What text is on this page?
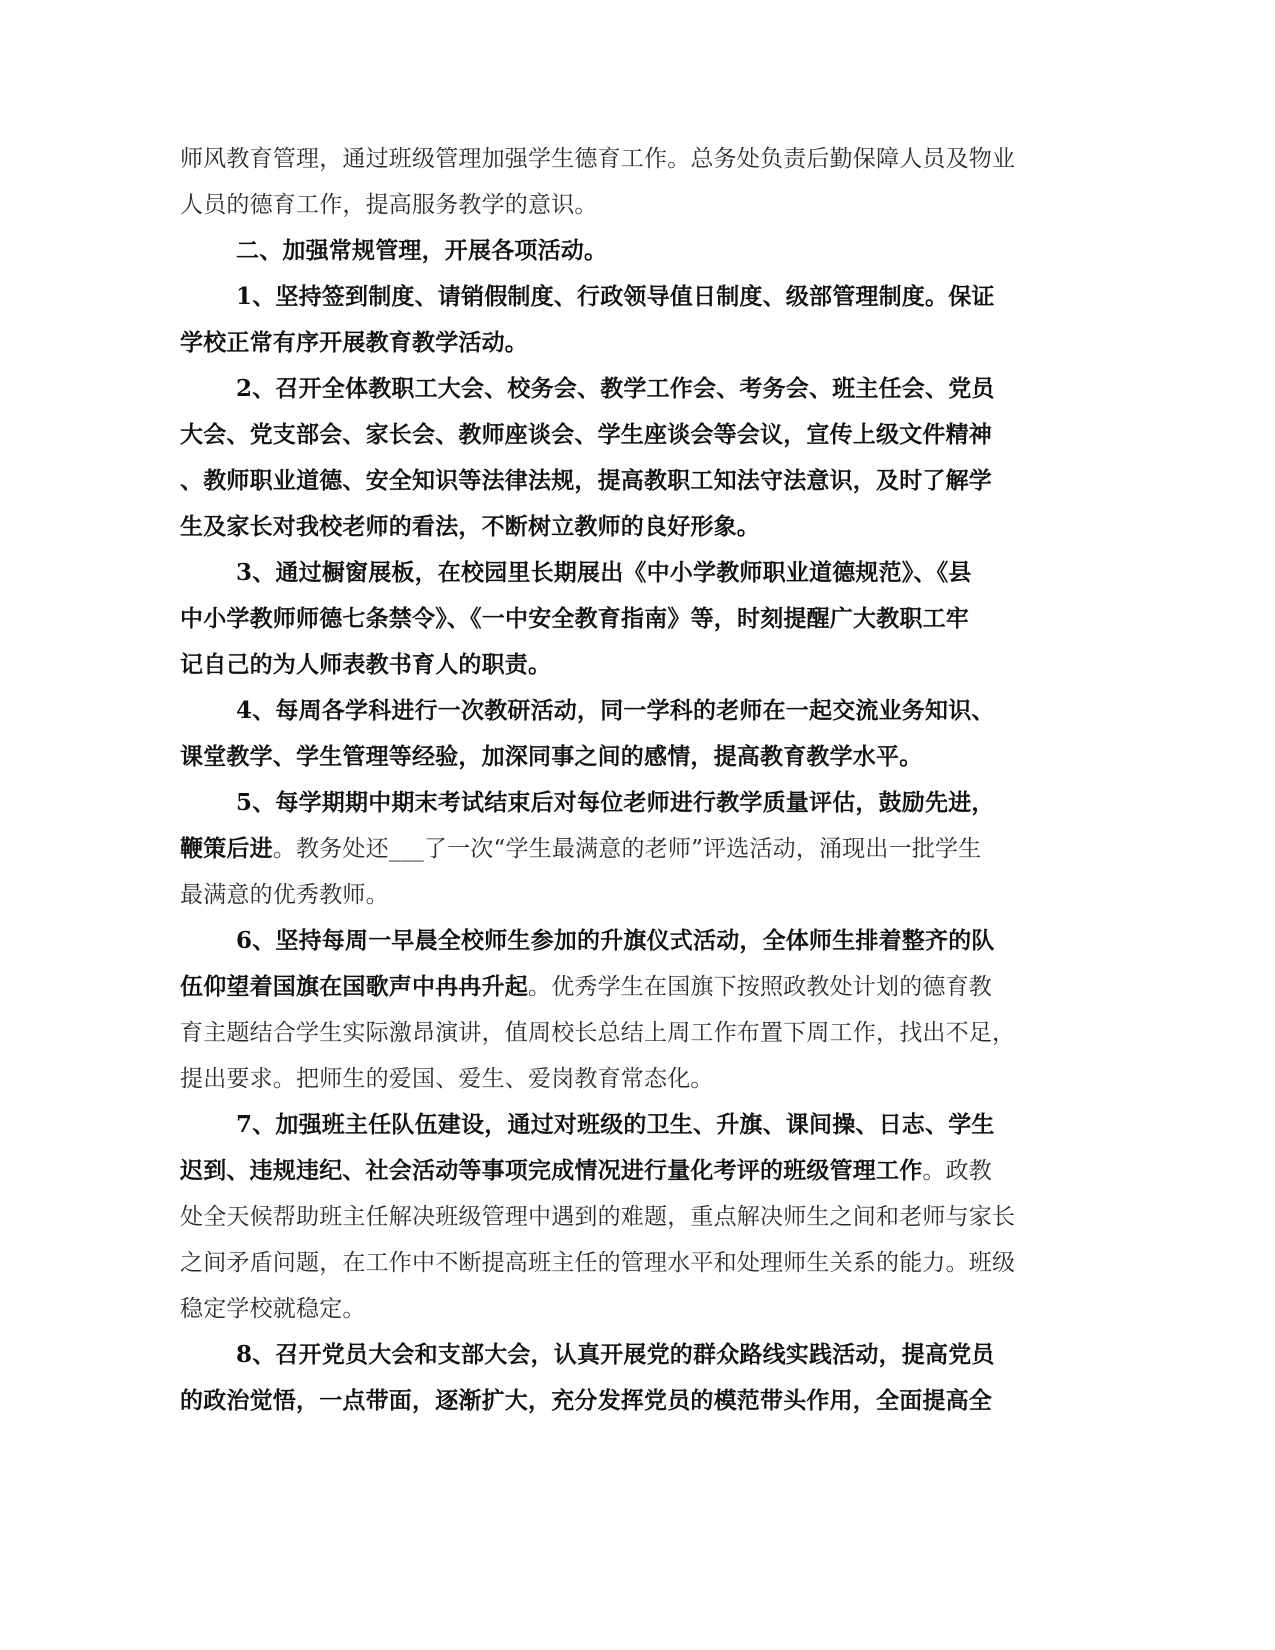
师风教育管理，通过班级管理加强学生德育工作。总务处负责后勤保障人员及物业
人员的德育工作，提高服务教学的意识。
二、加强常规管理，开展各项活动。
1、坚持签到制度、请销假制度、行政领导值日制度、级部管理制度。保证
学校正常有序开展教育教学活动。
2、召开全体教职工大会、校务会、教学工作会、考务会、班主任会、党员
大会、党支部会、家长会、教师座谈会、学生座谈会等会议，宣传上级文件精神
、教师职业道德、安全知识等法律法规，提高教职工知法守法意识，及时了解学
生及家长对我校老师的看法，不断树立教师的良好形象。
3、通过橱窗展板，在校园里长期展出《中小学教师职业道德规范》、《县
中小学教师师德七条禁令》、《一中安全教育指南》等，时刻提醒广大教职工牢
记自己的为人师表教书育人的职责。
4、每周各学科进行一次教研活动，同一学科的老师在一起交流业务知识、
课堂教学、学生管理等经验，加深同事之间的感情，提高教育教学水平。
5、每学期期中期末考试结束后对每位老师进行教学质量评估，鼓励先进，
鞭策后进。教务处还___了一次“学生最满意的老师”评选活动，涌现出一批学生
最满意的优秀教师。
6、坚持每周一早晨全校师生参加的升旗仪式活动，全体师生排着整齐的队
伍仰望着国旗在国歌声中冉冉升起。优秀学生在国旗下按照政教处计划的德育教
育主题结合学生实际激昂演讲，值周校长总结上周工作布置下周工作，找出不足，
提出要求。把师生的爱国、爱生、爱岗教育常态化。
7、加强班主任队伍建设，通过对班级的卫生、升旗、课间操、日志、学生
迟到、违规违纪、社会活动等事项完成情况进行量化考评的班级管理工作。政教
处全天候帮助班主任解决班级管理中遇到的难题，重点解决师生之间和老师与家长
之间矛盾问题，在工作中不断提高班主任的管理水平和处理师生关系的能力。班级
稳定学校就稳定。
8、召开党员大会和支部大会，认真开展党的群众路线实践活动，提高党员
的政治觉悟，一点带面，逐渐扩大，充分发挥党员的模范带头作用，全面提高全
